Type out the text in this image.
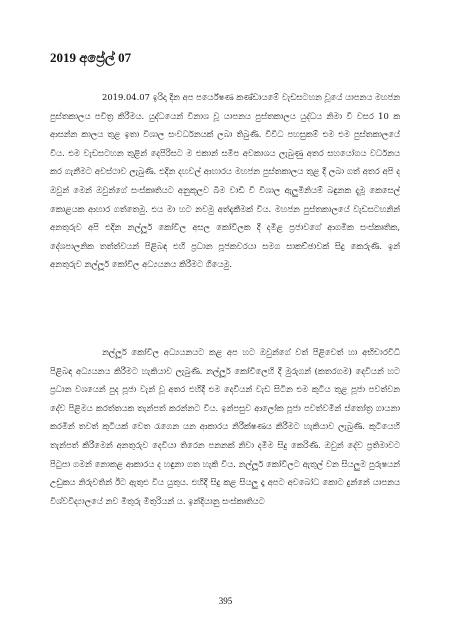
2019 අප්‍රේල් 07

2019.04.07 ඉරිදා දින අප පර්යේෂණ කණ්ඩායමේ වැඩසටහන වූයේ යාපනය මහජන පුස්තකාලය පවිත්‍ර කිරීමය. යුද්ධයෙන් විනාශ වූ යාපනය පුස්තකාලය යුද්ධය නිමා වී වසර 10 ක ආසන්න කාලය තුළ ඉතා විශාල සංවර්ධනයක් ලබා තිබුණි. විවිධ පහසුකම් එම එම පුස්තකාලයේ විය. එම වැඩසටහන තුළින් දෙපිරිසට ම එකාන් සමීප අවකාශය ලැබුණු අතර සහයෝගය වර්ධනය කර ගැනීමට අවස්ථාව ලැබුණි. එදින දහවල් ආහාරය මහජන පුස්තකාලය තුළ දී ලබා ගත් අතර අපි ද ඔවුන් මෙන් ඔවුන්ගේ සංස්කෘතියට අනුකූලව බිම වාඩි වී විශාල ඇලුමිනියම් බඳුනක දැමූ කෙසෙල් කොළයක ආහාර ගත්තෙමු. එය මා හට නවමු අත්දැකීමක් විය. මහජන පුස්තකාලයේ වැඩසටහනින් අනතුරුව අපි එදින නල්ලූර් කෝවිල අසල කෝවිලක දී දමිළ ප්‍රජාවගේ ආගමික සංස්කෘතික, දේශපාලනික තත්ත්වයන් පිළිබඳ එහි ප්‍රධාන පූජකවරයා සමග සාකච්ඡාවක් සිදු කෙරුණි. ඉන් අනතුරුව නල්ලූර් කෝවිල අධ්‍යයනය කිරීමට ගියෙමු.

නල්ලූර් කෝවිල අධ්‍යයනයට කළ අප හට ඔවුන්ගේ වත් පිළිවෙත් හා අභිචාරවිධි පිළිබඳ අධ්‍යයනය කිරීමට හැකියාව ලැබුණි. නල්ලූර් කෝවිලෙහි දී මුරුගන් (කතරගම) දෙවියන් හට ප්‍රධාන වශයෙන් පුද පූජා වැන් වූ අතර එහිදී එම දෙවියන් වැඩ සිටින එම කුටිය තුළ පූජා පවත්වන දේව පිළිමය කරත්තයක තැන්පත් කරන්නට විය. ඉන්පසුව ආලෝක පූජා පවත්වමින් ස්තෝත්‍ර ගායනා කරමින් තවත් කුටියක් වෙත රැගෙන යන ආකාරය නිරීක්ෂණය කිරීමට හැකියාව ලැබුණි. කුටියෙහි තැන්පත් කිරීමෙන් අනතුරුව දෙවියා තිරෙන පනනක් නිවා දමීම සිදු කෙරිණි. ඔවුන් දේව ප්‍රතිමාවට පිටුපා ගමන් නොකළ ආකාරය ද හඳුනා ගත හැකි විය. නල්ලූර් කෝවිලට ඇතුල් වන සියලුම පුරුෂයන් උඩුකය නිරුවතින් ඊට ඇතුළු විය යුතුය. එහිදී සිදු කළ සියලු දෑ අපට අවබෝධ කොට දුන්නේ යාපනය විශ්වවිද්‍යාලයේ නව මිතුරු මිතුරියන් ය. ඉන්දියානු සංස්කෘතියට

395
